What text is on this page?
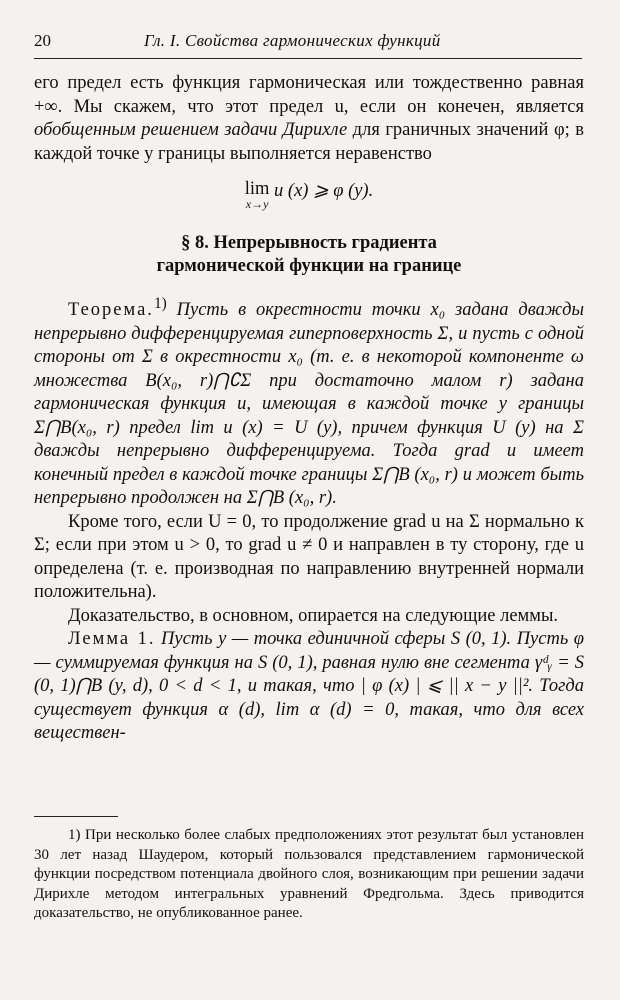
20	Гл. I. Свойства гармонических функций

его предел есть функция гармоническая или тождественно равная +∞. Мы скажем, что этот предел u, если он конечен, является обобщенным решением задачи Дирихле для граничных значений φ; в каждой точке y границы выполняется неравенство

lim
x→y
u (x) ⩾ φ (y).
§ 8. Непрерывность градиента
гармонической функции на границе

Теорема.$^{1)}$ Пусть в окрестности точки x₀ задана дважды непрерывно дифференцируемая гиперповерхность Σ, и пусть с одной стороны от Σ в окрестности x₀ (т. е. в некоторой компоненте ω множества B(x₀, r)⋂∁Σ при достаточно малом r) задана гармоническая функция u, имеющая в каждой точке y границы Σ⋂B(x₀, r) предел lim u (x) = U (y), причем функция U (y) на Σ дважды непрерывно дифференцируема. Тогда grad u имеет конечный предел в каждой точке границы Σ⋂B (x₀, r) и может быть непрерывно продолжен на Σ⋂B (x₀, r).

Кроме того, если U = 0, то продолжение grad u на Σ нормально к Σ; если при этом u > 0, то grad u ≠ 0 и направлен в ту сторону, где u определена (т. е. производная по направлению внутренней нормали положительна).

Доказательство, в основном, опирается на следующие леммы.

Лемма 1. Пусть y — точка единичной сферы S (0, 1). Пусть φ — суммируемая функция на S (0, 1), равная нулю вне сегмента γᵈᵧ = S (0, 1)⋂B (y, d), 0 < d < 1, и такая, что | φ (x) | ⩽ || x − y ||². Тогда существует функция α (d), lim α (d) = 0, такая, что для всех веществен-

1) При несколько более слабых предположениях этот результат был установлен 30 лет назад Шаудером, который пользовался представлением гармонической функции посредством потенциала двойного слоя, возникающим при решении задачи Дирихле методом интегральных уравнений Фредгольма. Здесь приводится доказательство, не опубликованное ранее.
